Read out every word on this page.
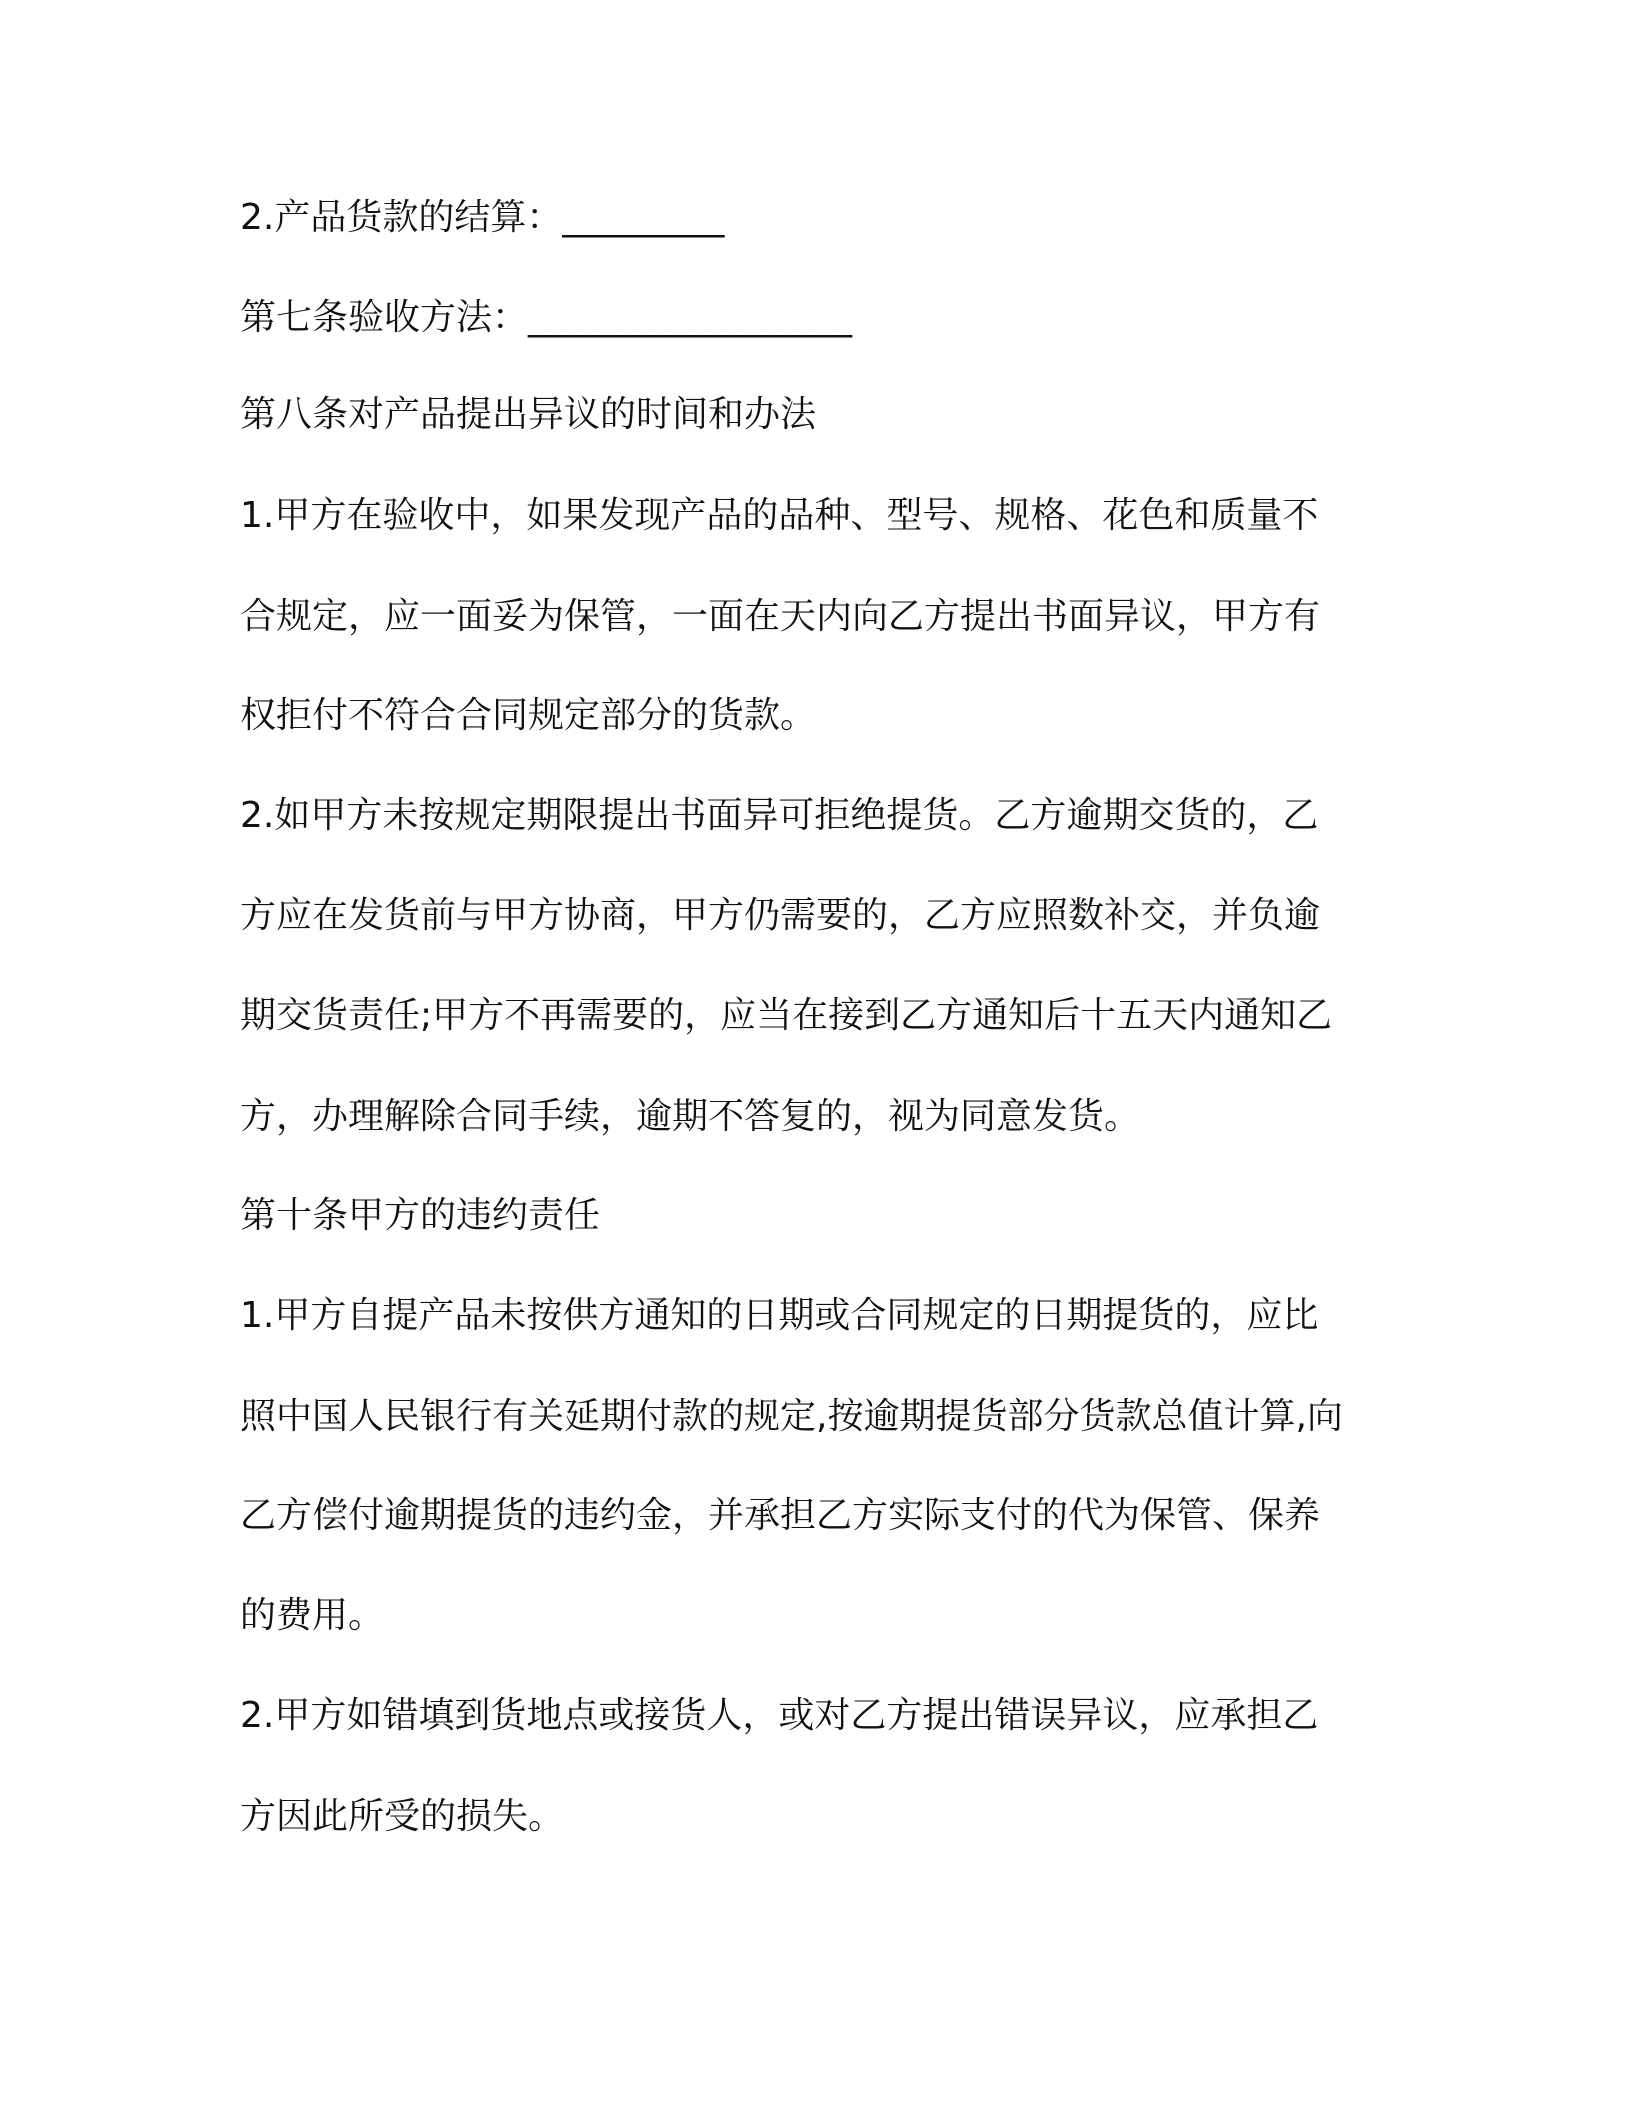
2.产品货款的结算：_________

第七条验收方法：__________________

第八条对产品提出异议的时间和办法

1.甲方在验收中，如果发现产品的品种、型号、规格、花色和质量不

合规定，应一面妥为保管，一面在天内向乙方提出书面异议，甲方有

权拒付不符合合同规定部分的货款。

2.如甲方未按规定期限提出书面异可拒绝提货。乙方逾期交货的，乙

方应在发货前与甲方协商，甲方仍需要的，乙方应照数补交，并负逾

期交货责任;甲方不再需要的，应当在接到乙方通知后十五天内通知乙

方，办理解除合同手续，逾期不答复的，视为同意发货。

第十条甲方的违约责任

1.甲方自提产品未按供方通知的日期或合同规定的日期提货的，应比

照中国人民银行有关延期付款的规定,按逾期提货部分货款总值计算,向

乙方偿付逾期提货的违约金，并承担乙方实际支付的代为保管、保养

的费用。

2.甲方如错填到货地点或接货人，或对乙方提出错误异议，应承担乙

方因此所受的损失。
